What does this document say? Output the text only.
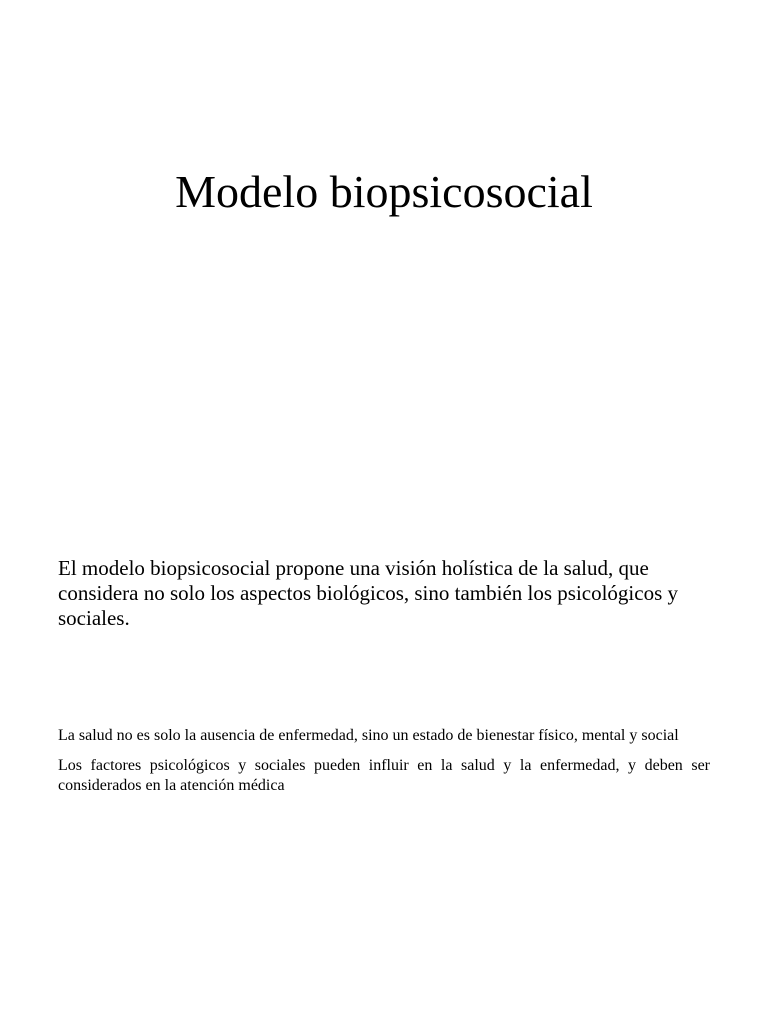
Modelo biopsicosocial

El modelo biopsicosocial propone una visión holística de la salud, que considera no solo los aspectos biológicos, sino también los psicológicos y sociales.

La salud no es solo la ausencia de enfermedad, sino un estado de bienestar físico, mental y social
Los factores psicológicos y sociales pueden influir en la salud y la enfermedad, y deben ser considerados en la atención médica
